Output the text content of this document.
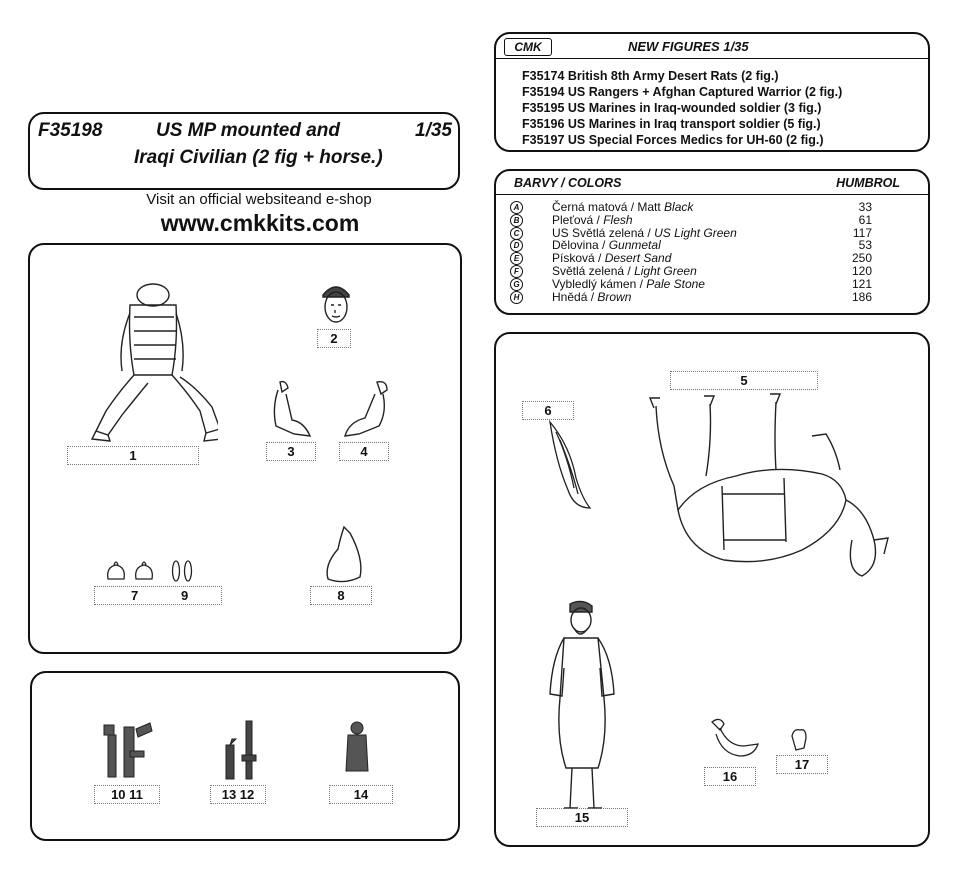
F35198	US MP mounted and	1/35
Iraqi Civilian (2 fig + horse.)
Visit an official websiteand e-shop
www.cmkkits.com
CMK	NEW FIGURES 1/35
F35174 British 8th Army Desert Rats (2 fig.)
F35194 US Rangers + Afghan Captured Warrior (2 fig.)
F35195 US Marines in Iraq-wounded soldier (3 fig.)
F35196 US Marines in Iraq transport soldier (5 fig.)
F35197 US Special Forces Medics for UH-60 (2 fig.)
BARVY / COLORS	HUMBROL
A	Černá matová / Matt Black	33
B	Pleťová / Flesh	61
C	US Světlá zelená / US Light Green	117
D	Dělovina / Gunmetal	53
E	Písková / Desert Sand	250
F	Světlá zelená / Light Green	120
G	Vybledlý kámen / Pale Stone	121
H	Hnědá / Brown	186
1
2
3	4
7	9	8
10 11	13 12	14
5
6
15
16
17
